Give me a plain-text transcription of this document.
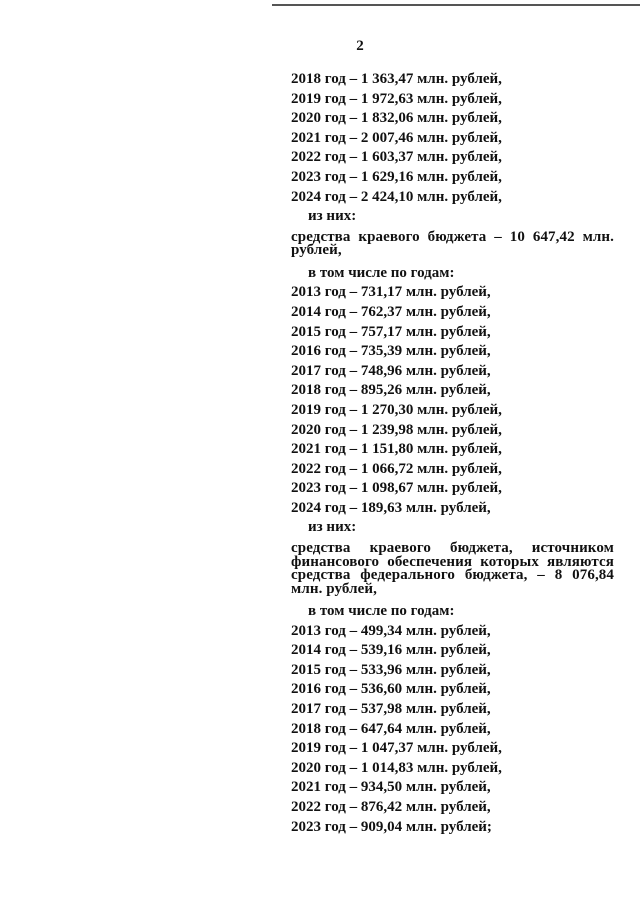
2
2018 год – 1 363,47 млн. рублей,
2019 год – 1 972,63 млн. рублей,
2020 год – 1 832,06 млн. рублей,
2021 год – 2 007,46 млн. рублей,
2022 год – 1 603,37 млн. рублей,
2023 год – 1 629,16 млн. рублей,
2024 год – 2 424,10 млн. рублей,
из них:
средства краевого бюджета – 10 647,42 млн. рублей,
в том числе по годам:
2013 год – 731,17 млн. рублей,
2014 год – 762,37 млн. рублей,
2015 год – 757,17 млн. рублей,
2016 год – 735,39 млн. рублей,
2017 год – 748,96 млн. рублей,
2018 год – 895,26 млн. рублей,
2019 год – 1 270,30 млн. рублей,
2020 год – 1 239,98 млн. рублей,
2021 год – 1 151,80 млн. рублей,
2022 год – 1 066,72 млн. рублей,
2023 год – 1 098,67 млн. рублей,
2024 год – 189,63 млн. рублей,
из них:
средства краевого бюджета, источником финансового обеспечения которых являются средства федерального бюджета, – 8 076,84 млн. рублей,
в том числе по годам:
2013 год – 499,34 млн. рублей,
2014 год – 539,16 млн. рублей,
2015 год – 533,96 млн. рублей,
2016 год – 536,60 млн. рублей,
2017 год – 537,98 млн. рублей,
2018 год – 647,64 млн. рублей,
2019 год – 1 047,37 млн. рублей,
2020 год – 1 014,83 млн. рублей,
2021 год – 934,50 млн. рублей,
2022 год – 876,42 млн. рублей,
2023 год – 909,04 млн. рублей;
